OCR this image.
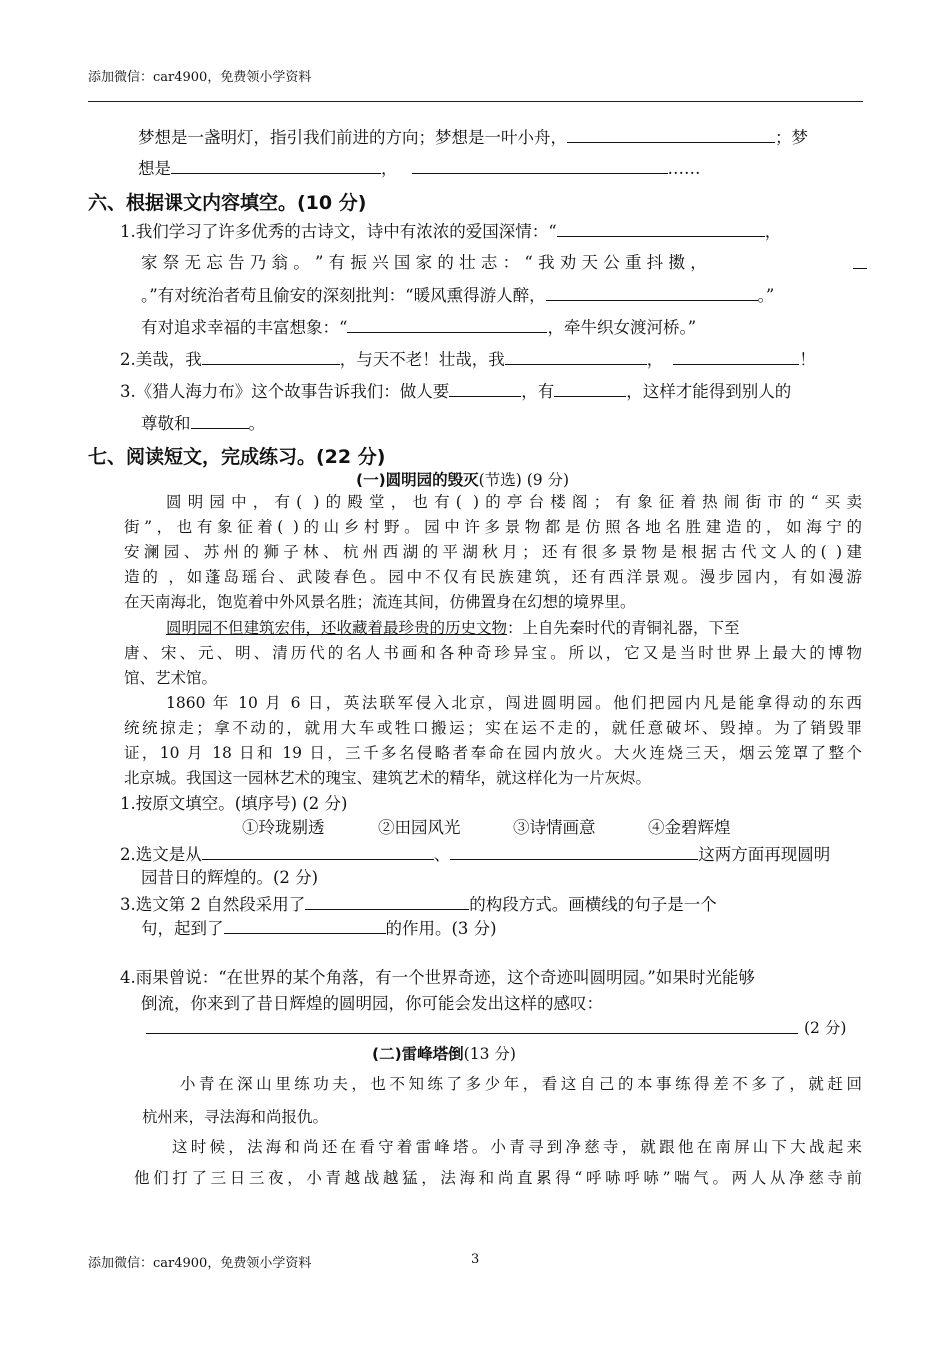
添加微信：car4900，免费领小学资料
梦想是一盏明灯，指引我们前进的方向；梦想是一叶小舟，	；梦
想是	，	……
六、根据课文内容填空。(10 分)
1.我们学习了许多优秀的古诗文，诗中有浓浓的爱国深情：“	，
家 祭 无 忘 告 乃 翁 。 ” 有 振 兴 国 家 的 壮 志 ： “ 我 劝 天 公 重 抖 擞 ，
。”有对统治者苟且偷安的深刻批判：“暖风熏得游人醉，	。”
有对追求幸福的丰富想象：“	，牵牛织女渡河桥。”
2.美哉，我	，与天不老！壮哉，我	，	！
3.《猎人海力布》这个故事告诉我们：做人要	，有	，这样才能得到别人的
尊敬和	。
七、阅读短文，完成练习。(22 分)
(一)圆明园的毁灭(节选) (9 分)
圆明园中，有( )的殿堂，也有( )的亭台楼阁；有象征着热闹街市的“买卖
街”，也有象征着( )的山乡村野。园中许多景物都是仿照各地名胜建造的，如海宁的
安澜园、苏州的狮子林、杭州西湖的平湖秋月；还有很多景物是根据古代文人的( )建
造的 ，如蓬岛瑶台、武陵春色。园中不仅有民族建筑，还有西洋景观。漫步园内，有如漫游
在天南海北，饱览着中外风景名胜；流连其间，仿佛置身在幻想的境界里。
圆明园不但建筑宏伟，还收藏着最珍贵的历史文物：上自先秦时代的青铜礼器，下至
唐、宋、元、明、清历代的名人书画和各种奇珍异宝。所以，它又是当时世界上最大的博物
馆、艺术馆。
1860 年 10 月 6 日，英法联军侵入北京，闯进圆明园。他们把园内凡是能拿得动的东西
统统掠走；拿不动的，就用大车或牲口搬运；实在运不走的，就任意破坏、毁掉。为了销毁罪
证，10 月 18 日和 19 日，三千多名侵略者奉命在园内放火。大火连烧三天，烟云笼罩了整个
北京城。我国这一园林艺术的瑰宝、建筑艺术的精华，就这样化为一片灰烬。
1.按原文填空。(填序号) (2 分)
①玲珑剔透	②田园风光	③诗情画意	④金碧辉煌
2.选文是从	、	这两方面再现圆明
园昔日的辉煌的。(2 分)
3.选文第 2 自然段采用了	的构段方式。画横线的句子是一个
句，起到了	的作用。(3 分)
4.雨果曾说：“在世界的某个角落，有一个世界奇迹，这个奇迹叫圆明园。”如果时光能够
倒流，你来到了昔日辉煌的圆明园，你可能会发出这样的感叹：
(2 分)
(二)雷峰塔倒(13 分)
小青在深山里练功夫，也不知练了多少年，看这自己的本事练得差不多了，就赶回
杭州来，寻法海和尚报仇。
这时候，法海和尚还在看守着雷峰塔。小青寻到净慈寺，就跟他在南屏山下大战起来
他们打了三日三夜，小青越战越猛，法海和尚直累得“呼哧呼哧”喘气。两人从净慈寺前
添加微信：car4900，免费领小学资料	3
